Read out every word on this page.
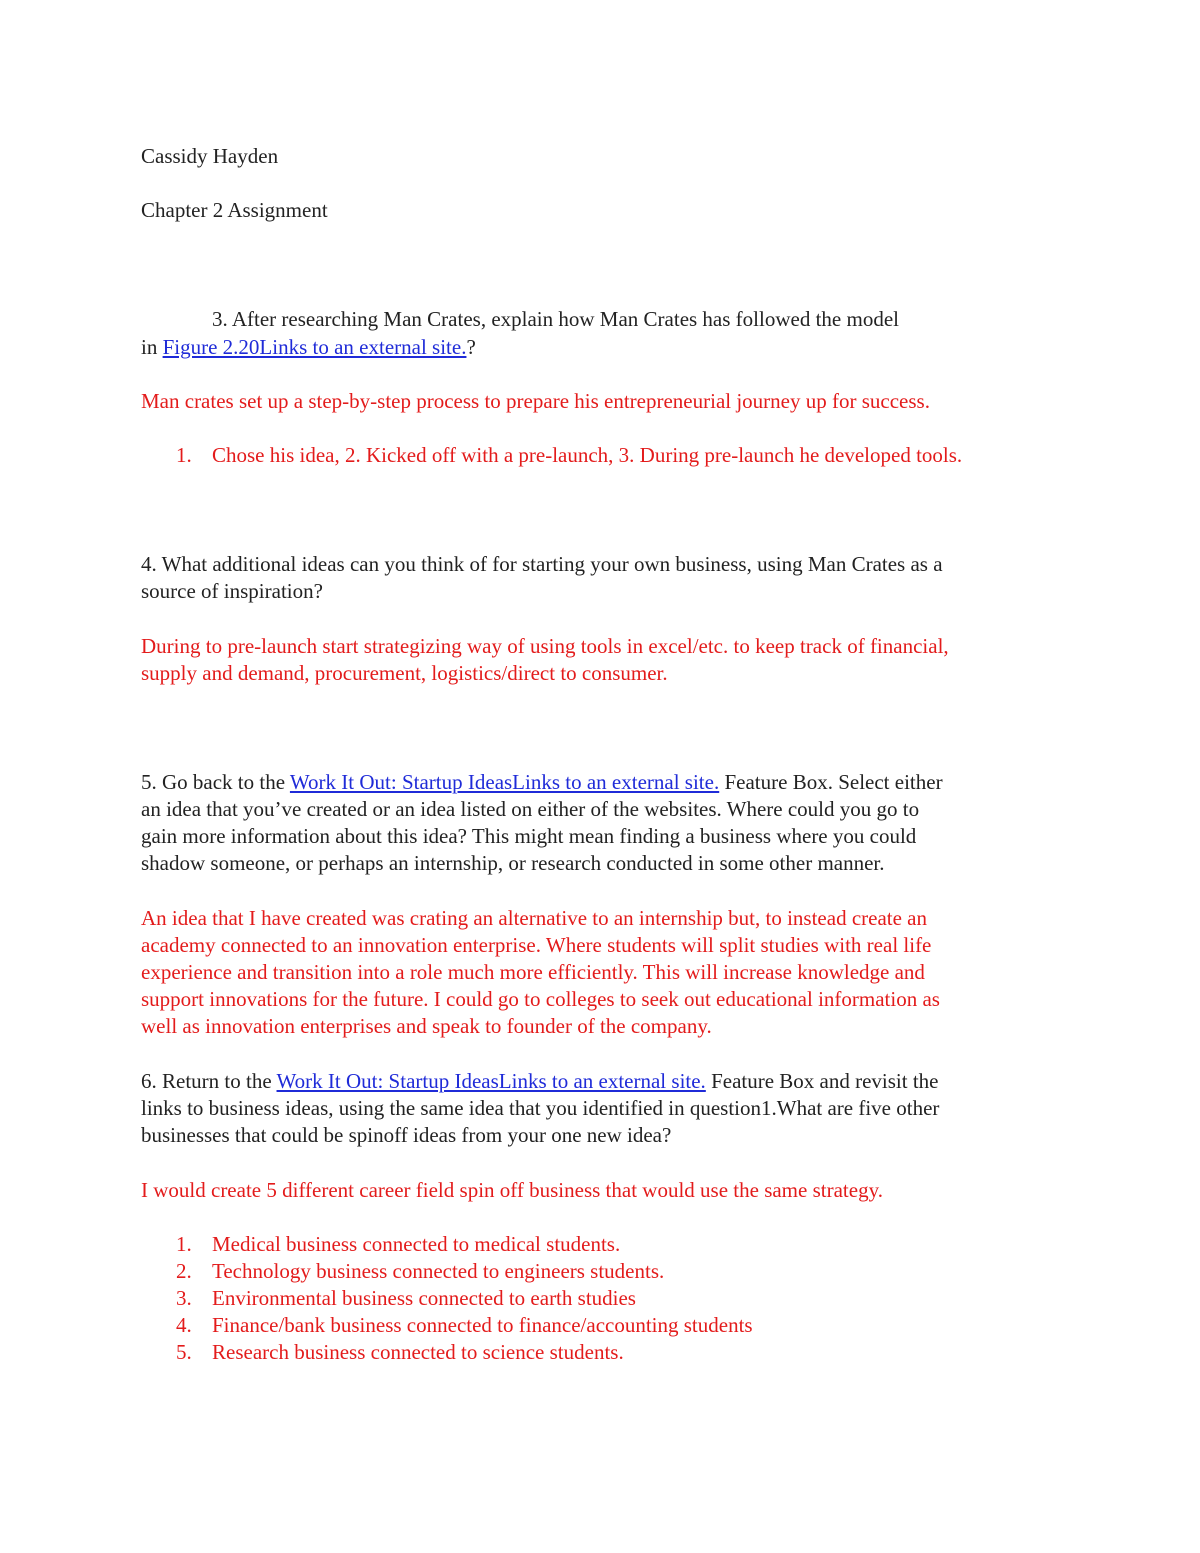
Cassidy Hayden
Chapter 2 Assignment
3. After researching Man Crates, explain how Man Crates has followed the model
in Figure 2.20Links to an external site.?
Man crates set up a step-by-step process to prepare his entrepreneurial journey up for success.
1. Chose his idea, 2. Kicked off with a pre-launch, 3. During pre-launch he developed tools.
4. What additional ideas can you think of for starting your own business, using Man Crates as a
source of inspiration?
During to pre-launch start strategizing way of using tools in excel/etc. to keep track of financial,
supply and demand, procurement, logistics/direct to consumer.
5. Go back to the Work It Out: Startup IdeasLinks to an external site. Feature Box. Select either
an idea that you’ve created or an idea listed on either of the websites. Where could you go to
gain more information about this idea? This might mean finding a business where you could
shadow someone, or perhaps an internship, or research conducted in some other manner.
An idea that I have created was crating an alternative to an internship but, to instead create an
academy connected to an innovation enterprise. Where students will split studies with real life
experience and transition into a role much more efficiently. This will increase knowledge and
support innovations for the future. I could go to colleges to seek out educational information as
well as innovation enterprises and speak to founder of the company.
6. Return to the Work It Out: Startup IdeasLinks to an external site. Feature Box and revisit the
links to business ideas, using the same idea that you identified in question1.What are five other
businesses that could be spinoff ideas from your one new idea?
I would create 5 different career field spin off business that would use the same strategy.
1. Medical business connected to medical students.
2. Technology business connected to engineers students.
3. Environmental business connected to earth studies
4. Finance/bank business connected to finance/accounting students
5. Research business connected to science students.
